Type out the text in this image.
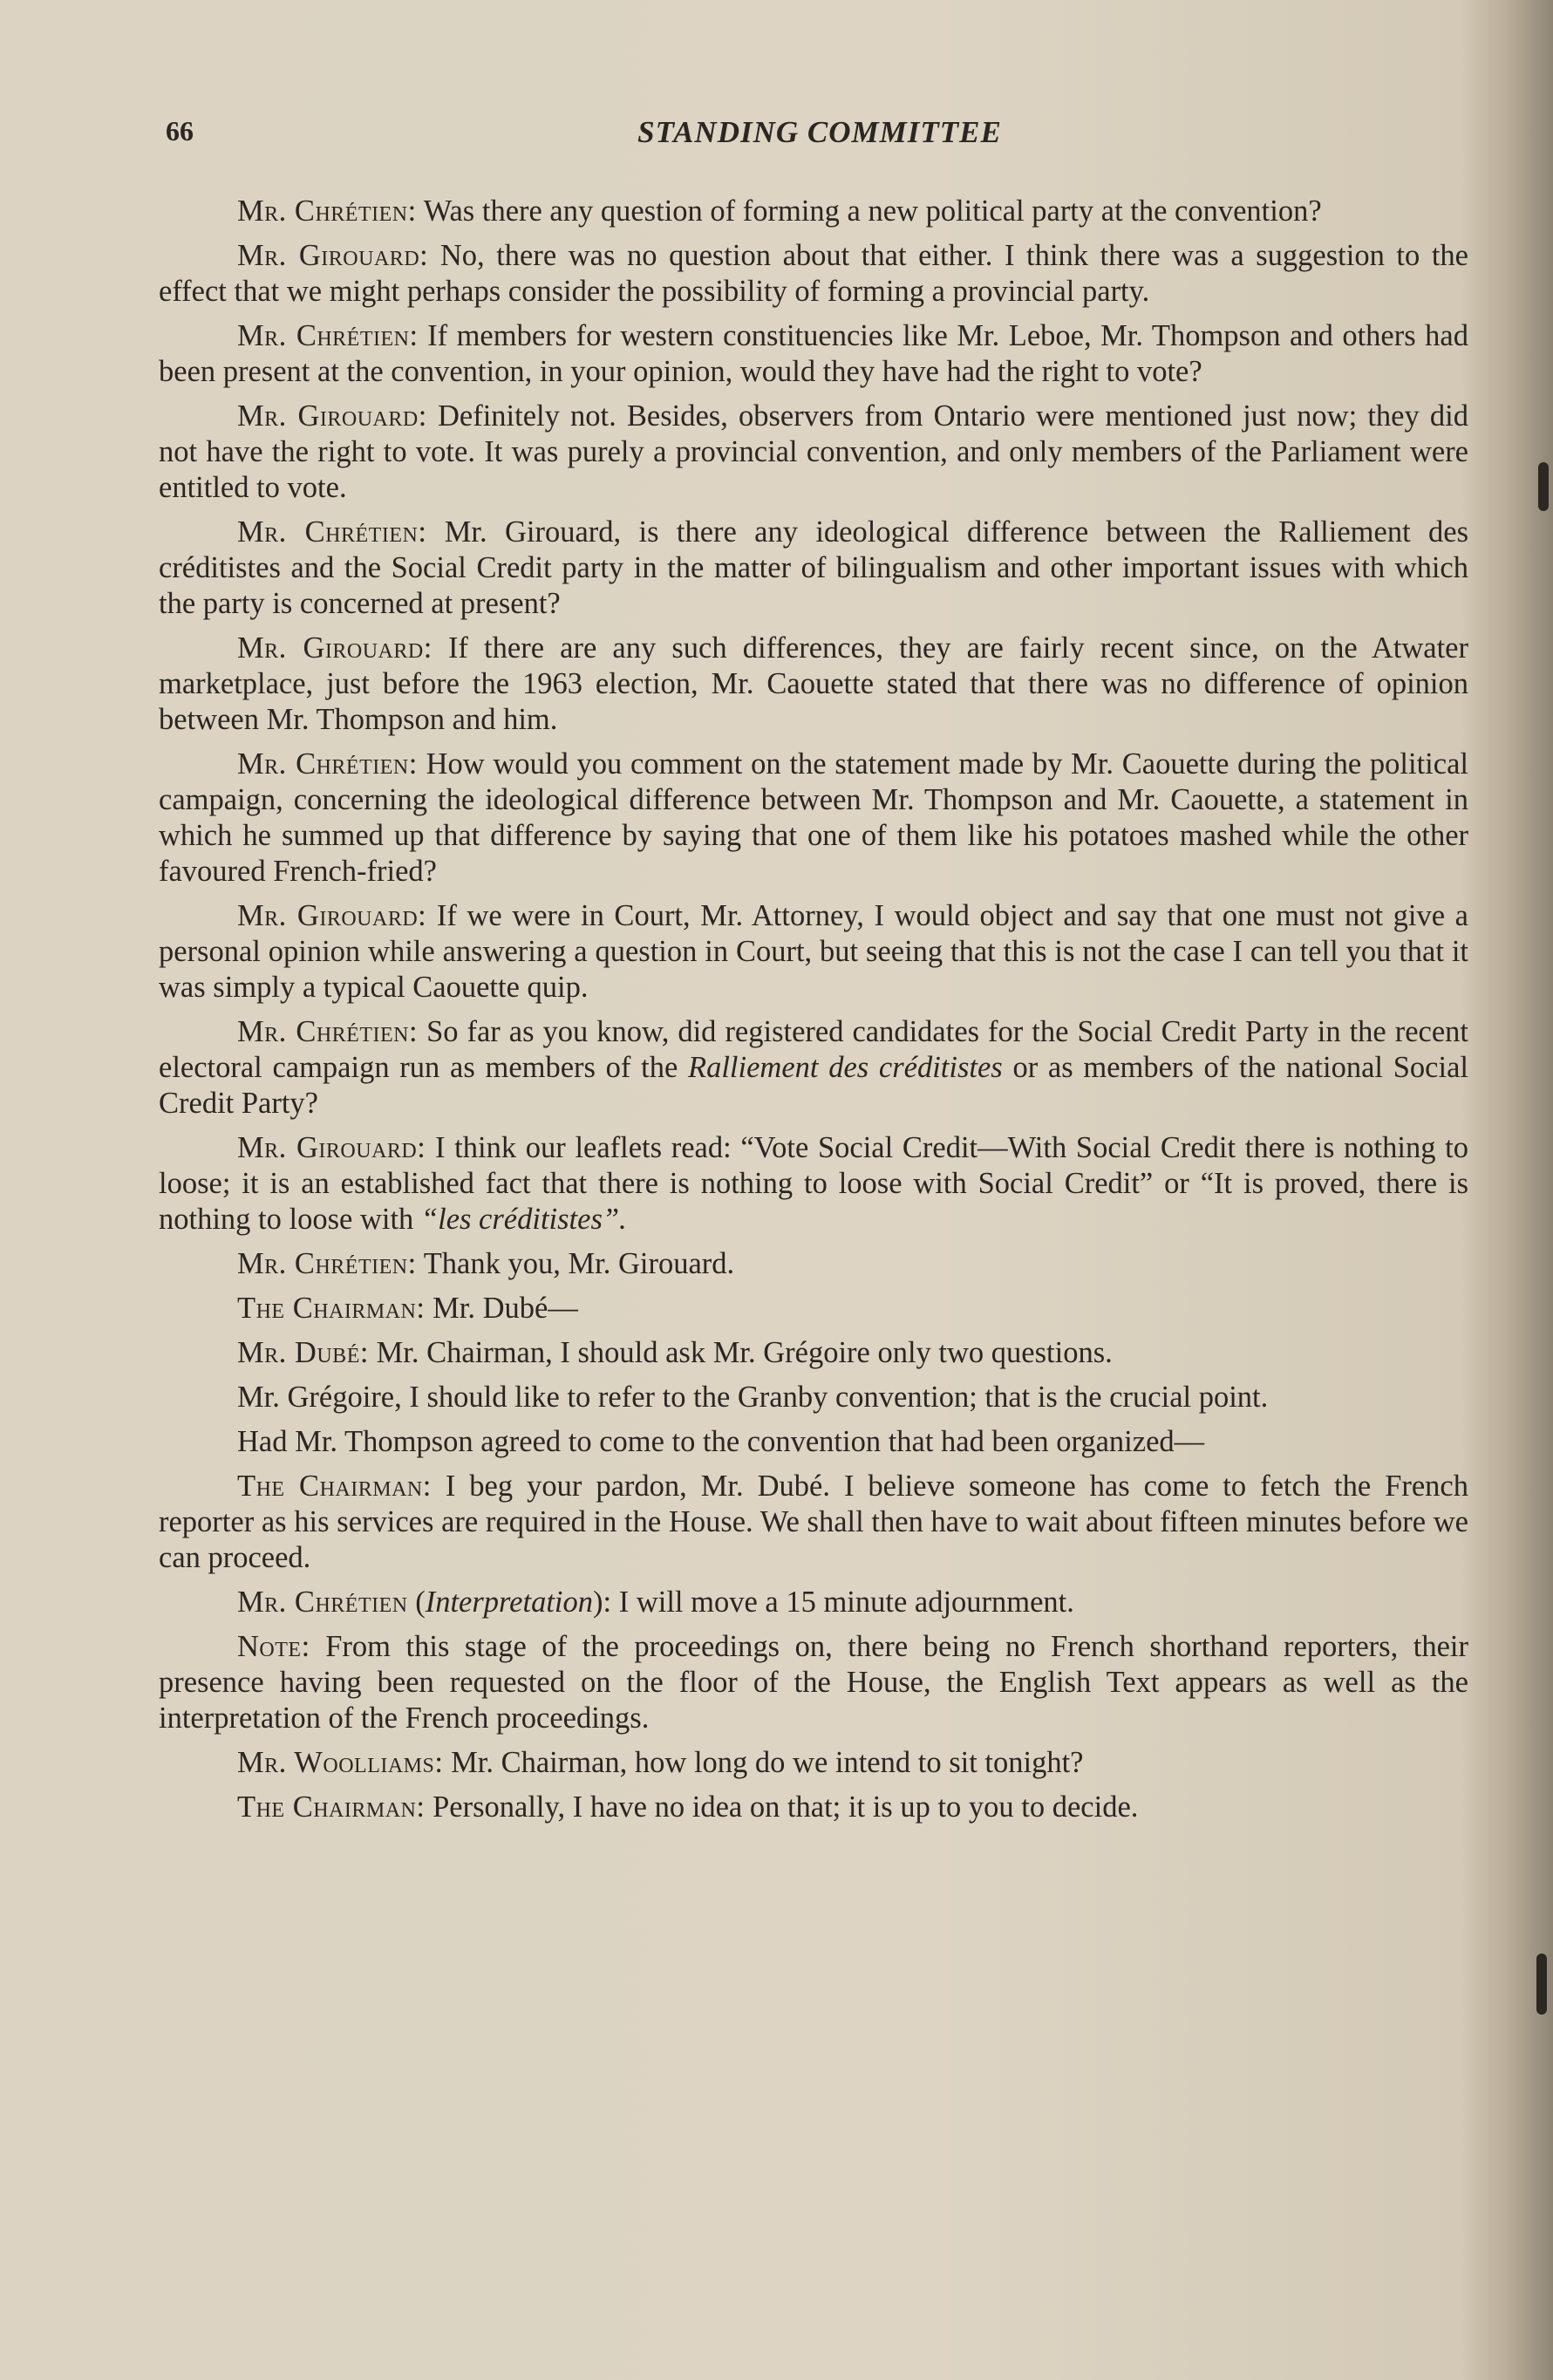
66	STANDING COMMITTEE

Mr. Chrétien: Was there any question of forming a new political party at the convention?

Mr. Girouard: No, there was no question about that either. I think there was a suggestion to the effect that we might perhaps consider the possibility of forming a provincial party.

Mr. Chrétien: If members for western constituencies like Mr. Leboe, Mr. Thompson and others had been present at the convention, in your opinion, would they have had the right to vote?

Mr. Girouard: Definitely not. Besides, observers from Ontario were mentioned just now; they did not have the right to vote. It was purely a provincial convention, and only members of the Parliament were entitled to vote.

Mr. Chrétien: Mr. Girouard, is there any ideological difference between the Ralliement des créditistes and the Social Credit party in the matter of bilingualism and other important issues with which the party is concerned at present?

Mr. Girouard: If there are any such differences, they are fairly recent since, on the Atwater marketplace, just before the 1963 election, Mr. Caouette stated that there was no difference of opinion between Mr. Thompson and him.

Mr. Chrétien: How would you comment on the statement made by Mr. Caouette during the political campaign, concerning the ideological difference between Mr. Thompson and Mr. Caouette, a statement in which he summed up that difference by saying that one of them like his potatoes mashed while the other favoured French-fried?

Mr. Girouard: If we were in Court, Mr. Attorney, I would object and say that one must not give a personal opinion while answering a question in Court, but seeing that this is not the case I can tell you that it was simply a typical Caouette quip.

Mr. Chrétien: So far as you know, did registered candidates for the Social Credit Party in the recent electoral campaign run as members of the Ralliement des créditistes or as members of the national Social Credit Party?

Mr. Girouard: I think our leaflets read: “Vote Social Credit—With Social Credit there is nothing to loose; it is an established fact that there is nothing to loose with Social Credit” or “It is proved, there is nothing to loose with “les créditistes”.

Mr. Chrétien: Thank you, Mr. Girouard.

The Chairman: Mr. Dubé—

Mr. Dubé: Mr. Chairman, I should ask Mr. Grégoire only two questions.

Mr. Grégoire, I should like to refer to the Granby convention; that is the crucial point.

Had Mr. Thompson agreed to come to the convention that had been organized—

The Chairman: I beg your pardon, Mr. Dubé. I believe someone has come to fetch the French reporter as his services are required in the House. We shall then have to wait about fifteen minutes before we can proceed.

Mr. Chrétien (Interpretation): I will move a 15 minute adjournment.

Note: From this stage of the proceedings on, there being no French shorthand reporters, their presence having been requested on the floor of the House, the English Text appears as well as the interpretation of the French proceedings.

Mr. Woolliams: Mr. Chairman, how long do we intend to sit tonight?

The Chairman: Personally, I have no idea on that; it is up to you to decide.
